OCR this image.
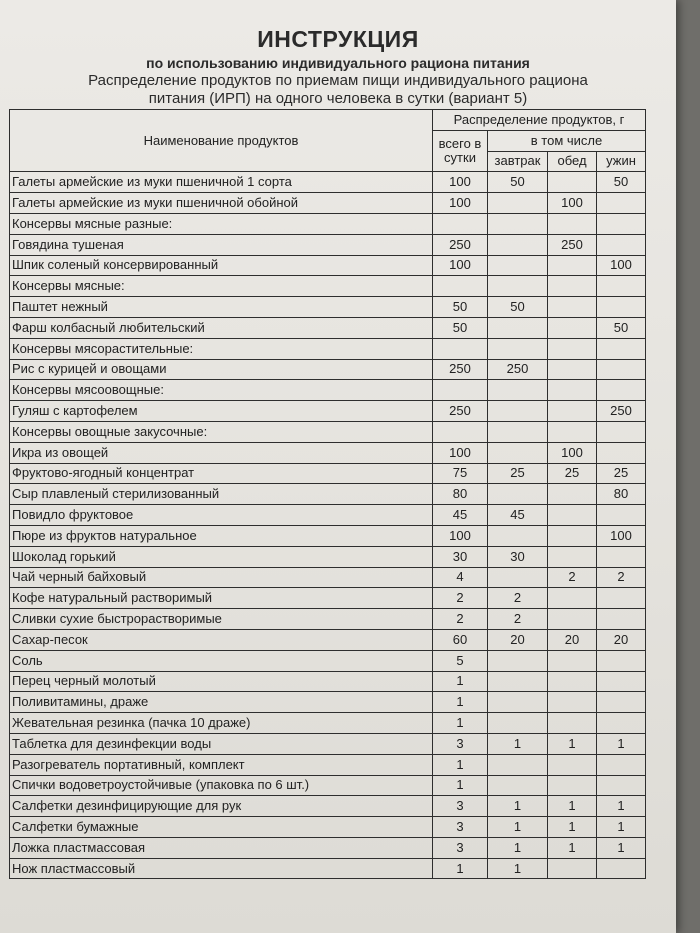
ИНСТРУКЦИЯ
по использованию индивидуального рациона питания
Распределение продуктов по приемам пищи индивидуального рациона
питания (ИРП) на одного человека в сутки (вариант 5)
Наименование продуктов	Распределение продуктов, г			
	всего в
сутки	в том числе		
		завтрак	обед	ужин
Галеты армейские из муки пшеничной 1 сорта	100	50		50
Галеты армейские из муки пшеничной обойной	100		100	
Консервы мясные разные:				
Говядина тушеная	250		250	
Шпик соленый консервированный	100			100
Консервы мясные:				
Паштет нежный	50	50		
Фарш колбасный любительский	50			50
Консервы мясорастительные:				
Рис с курицей и овощами	250	250		
Консервы мясоовощные:				
Гуляш с картофелем	250			250
Консервы овощные закусочные:				
Икра из овощей	100		100	
Фруктово-ягодный концентрат	75	25	25	25
Сыр плавленый стерилизованный	80			80
Повидло фруктовое	45	45		
Пюре из фруктов натуральное	100			100
Шоколад горький	30	30		
Чай черный байховый	4		2	2
Кофе натуральный растворимый	2	2		
Сливки сухие быстрорастворимые	2	2		
Сахар-песок	60	20	20	20
Соль	5			
Перец черный молотый	1			
Поливитамины, драже	1			
Жевательная резинка (пачка 10 драже)	1			
Таблетка для дезинфекции воды	3	1	1	1
Разогреватель портативный, комплект	1			
Спички водоветроустойчивые (упаковка по 6 шт.)	1			
Салфетки дезинфицирующие для рук	3	1	1	1
Салфетки бумажные	3	1	1	1
Ложка пластмассовая	3	1	1	1
Нож пластмассовый	1	1		
